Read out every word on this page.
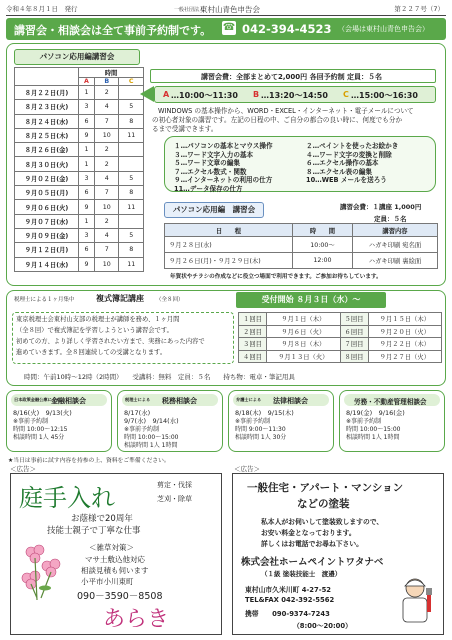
令和４年８月１日　発行	一般社団法人
東村山青色申告会	第２２７号（7）
講習会・相談会は全て事前予約制です。 ☎ 042-394-4523 （会場は東村山青色申告会）
パソコン応用編講習会
	時間		
	A	B	C
８月２２日(月)	1	2	
８月２３日(火)	3	4	5
８月２４日(水)	6	7	8
８月２５日(木)	9	10	11
８月２６日(金)	1	2	
８月３０日(火)	1	2	
９月０２日(金)	3	4	5
９月０５日(月)	6	7	8
９月０６日(火)	9	10	11
９月０７日(水)	1	2	
９月０９日(金)	3	4	5
９月１２日(月)	6	7	8
９月１４日(水)	9	10	11
講習会費：全部まとめて2,000円 各回予約制 定員：５名
A …10:00～11:30 B …13:20～14:50 C …15:00～16:30
WINDOWS の基本操作から、WORD・EXCEL・インターネット・電子メールについて
の初心者対象の講習です。左記の日程の中、ご自分の都合の良い時に、何度でも分か
るまで受講できます。
１…パソコンの基本とマウス操作	２…ペイントを使ったお絵かき
３…ワード文字入力の基本	４…ワード文字の変換と削除
５…ワード文章の編集	６…エクセル操作の基本
７…エクセル数式・関数	８…エクセル表の編集
９…インターネットの利用の仕方	10…WEB メールを送ろう
11…データ保存の仕方
パソコン応用編　講習会	講習会費：１講座 1,000円
定員：５名
日　　程	時　　間	講習内容
９月２８日(水)	10:00～	ハガキ印刷 宛名面
９月２６日(月)・９月２９日(木)	12:00	ハガキ印刷 裏絵面
年賀状やチラシの作成などに役立つ場面で利用できます。ご参加お待ちしています。
税理士による１ヶ月集中	複式簿記講座 （全８回）	受付開始 ８月３日（水）～
東京税理士会東村山支部の税理士が講師を務め、１ヶ月間
（全８回）で複式簿記を学習しようという講習会です。
初めての方、より詳しく学習されたい方まで、実務にあった内容で
進めていきます。全８回連続しての受講となります。
１回目	９月１日（木）	５回目	９月１５日（木）
２回目	９月６日（火）	６回目	９月２０日（火）
３回目	９月８日（木）	７回目	９月２２日（木）
４回目	９月１３日（火）	８回目	９月２７日（火）
時間：午前10時～12時（2時間）　　受講料：無料　定員：５名　　持ち物：電卓・筆記用具
日本政策金融公庫による
金融相談会
8/16(火)　9/13(火)
※事前予約制
時間 10:00～12:15
相談時間 1人 45分
税理士による 税務相談会
8/17(水)
9/7(水)　9/14(水)
※事前予約制
時間 10:00～15:00
相談時間 1人 1時間
弁護士による 法律相談会
8/18(木)　9/15(木)
※事前予約制
時間 9:00～11:30
相談時間 1人 30分
労務・不動産管理相談会
8/19(金)　9/16(金)
※事前予約制
時間 10:00～15:00
相談時間 1人 1時間
★当日は事前に試す内容を持参の上、資料をご準備ください。
＜広告＞	＜広告＞
庭手入れ	剪定・伐採
芝刈・除草
お蔭様で20周年
技能士親子で丁寧な仕事
＜雑草対策＞
マサ土敷込他対応
相談見積も伺います
小平市小川東町
090－3590－8508
あらき
一般住宅・アパート・マンション
などの塗装
私本人がお伺いして塗装致しますので、
お安い料金となっております。
詳しくはお電話でお尋ね下さい。
株式会社ホームペイントワタナベ
（１級 塗装技能士　渡邉）
東村山市久米川町 4-27-52
TEL&FAX 042-392-5562
携帯　　090-9374-7243
（8:00～20:00）
